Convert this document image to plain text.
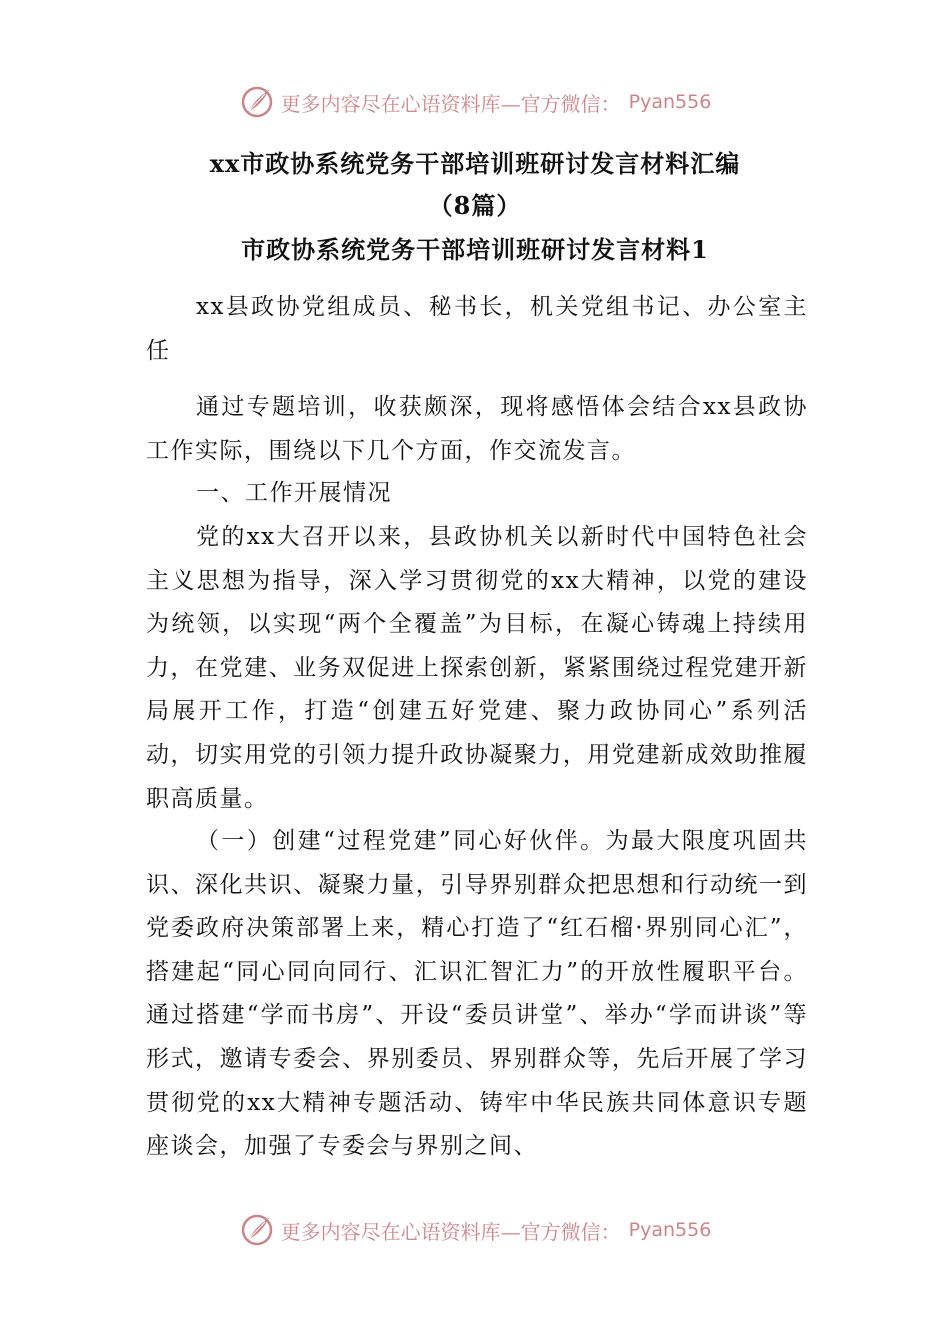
更多内容尽在心语资料库—官方微信： Pyan556
xx市政协系统党务干部培训班研讨发言材料汇编
（8篇）
市政协系统党务干部培训班研讨发言材料1

xx县政协党组成员、秘书长，机关党组书记、办公室主任

通过专题培训，收获颇深，现将感悟体会结合xx县政协工作实际，围绕以下几个方面，作交流发言。

一、工作开展情况

党的xx大召开以来，县政协机关以新时代中国特色社会主义思想为指导，深入学习贯彻党的xx大精神，以党的建设为统领，以实现“两个全覆盖”为目标，在凝心铸魂上持续用力，在党建、业务双促进上探索创新，紧紧围绕过程党建开新局展开工作，打造“创建五好党建、聚力政协同心”系列活动，切实用党的引领力提升政协凝聚力，用党建新成效助推履职高质量。

（一）创建“过程党建”同心好伙伴。为最大限度巩固共识、深化共识、凝聚力量，引导界别群众把思想和行动统一到党委政府决策部署上来，精心打造了“红石榴·界别同心汇”，搭建起“同心同向同行、汇识汇智汇力”的开放性履职平台。通过搭建“学而书房”、开设“委员讲堂”、举办“学而讲谈”等形式，邀请专委会、界别委员、界别群众等，先后开展了学习贯彻党的xx大精神专题活动、铸牢中华民族共同体意识专题座谈会，加强了专委会与界别之间、

更多内容尽在心语资料库—官方微信： Pyan556
